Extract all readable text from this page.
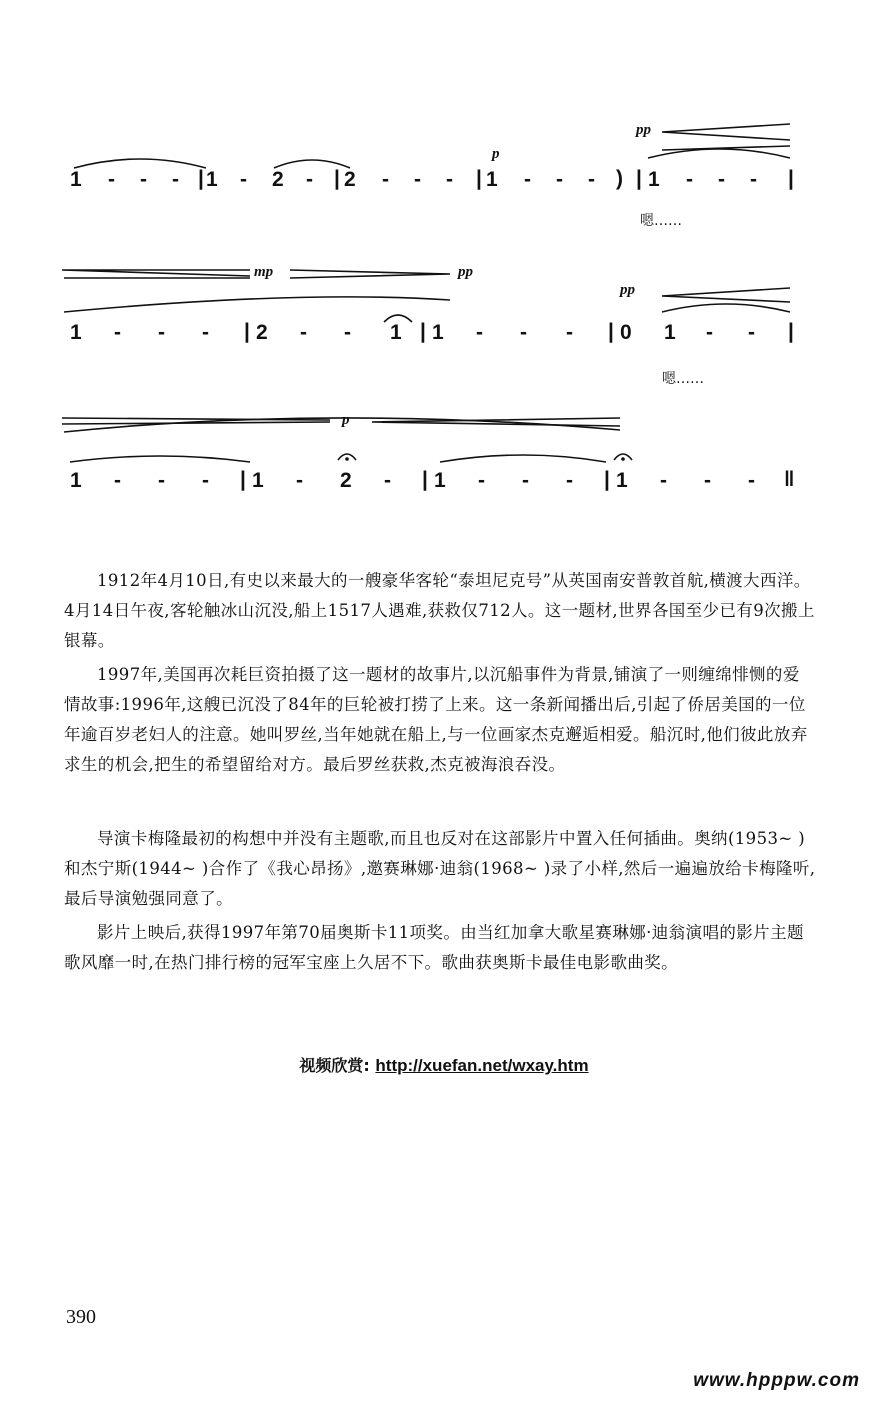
1 - - - | 1 - 2 - | 2 - - - | 1 - - - ) | 1 - - - |
p
pp
嗯……
1 - - - | 2 - - 1 | 1 - - - | 0 1 - - |
mp	pp
pp
嗯……
1 - - - | 1 - 2 - | 1 - - - | 1 - - - ‖
p

1912年4月10日,有史以来最大的一艘豪华客轮“泰坦尼克号”从英国南安普敦首航,横渡大西洋。4月14日午夜,客轮触冰山沉没,船上1517人遇难,获救仅712人。这一题材,世界各国至少已有9次搬上银幕。

1997年,美国再次耗巨资拍摄了这一题材的故事片,以沉船事件为背景,铺演了一则缠绵悱恻的爱情故事:1996年,这艘已沉没了84年的巨轮被打捞了上来。这一条新闻播出后,引起了侨居美国的一位年逾百岁老妇人的注意。她叫罗丝,当年她就在船上,与一位画家杰克邂逅相爱。船沉时,他们彼此放弃求生的机会,把生的希望留给对方。最后罗丝获救,杰克被海浪吞没。

导演卡梅隆最初的构想中并没有主题歌,而且也反对在这部影片中置入任何插曲。奥纳(1953~ )和杰宁斯(1944~ )合作了《我心昂扬》,邀赛琳娜·迪翁(1968~ )录了小样,然后一遍遍放给卡梅隆听,最后导演勉强同意了。

影片上映后,获得1997年第70届奥斯卡11项奖。由当红加拿大歌星赛琳娜·迪翁演唱的影片主题歌风靡一时,在热门排行榜的冠军宝座上久居不下。歌曲获奥斯卡最佳电影歌曲奖。

视频欣赏: http://xuefan.net/wxay.htm
390
www.hpppw.com
